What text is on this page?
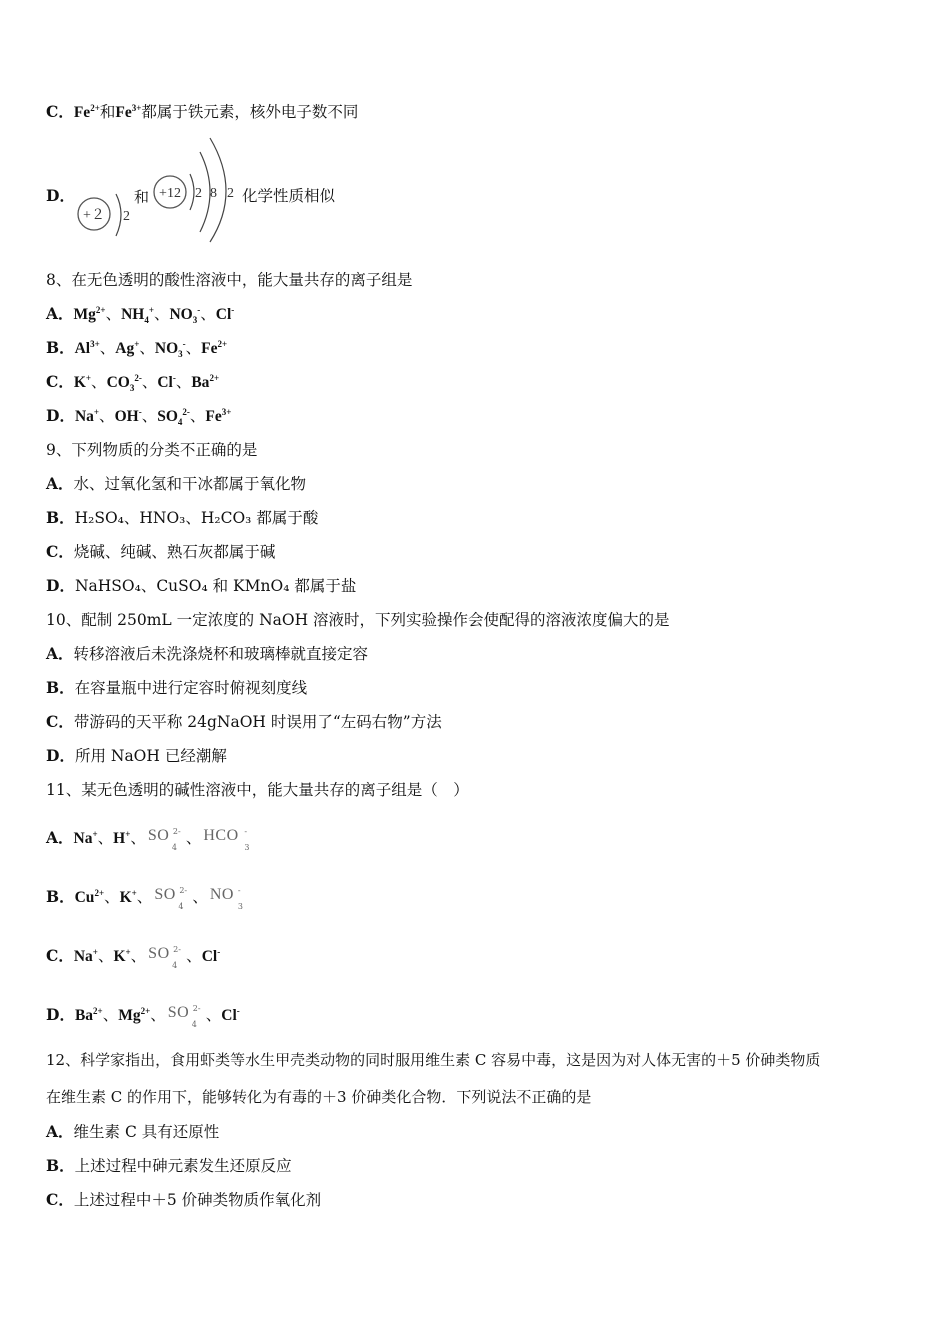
C．$Fe^{2+}$和$Fe^{3+}$都属于铁元素，核外电子数不同
D．
+２ 2
和 +12 2 8 2 化学性质相似
8、在无色透明的酸性溶液中，能大量共存的离子组是
A．$Mg^{2+}$、$NH_4^+$、$NO_3^-$、Cl-
B．$Al^{3+}$、Ag+、$NO_3^-$、$Fe^{2+}$
C．K+、$CO_3^{2-}$、Cl-、$Ba^{2+}$
D．Na+、OH-、$SO_4^{2-}$、$Fe^{3+}$
9、下列物质的分类不正确的是
A．水、过氧化氢和干冰都属于氧化物
B．H₂SO₄、HNO₃、H₂CO₃ 都属于酸
C．烧碱、纯碱、熟石灰都属于碱
D．NaHSO₄、CuSO₄ 和 KMnO₄ 都属于盐
10、配制 250mL 一定浓度的 NaOH 溶液时，下列实验操作会使配得的溶液浓度偏大的是
A．转移溶液后未洗涤烧杯和玻璃棒就直接定容
B．在容量瓶中进行定容时俯视刻度线
C．带游码的天平称 24gNaOH 时误用了“左码右物”方法
D．所用 NaOH 已经潮解
11、某无色透明的碱性溶液中，能大量共存的离子组是（　）
A．Na+、H+、 SO 2-
4
、 HCO -
3
B．$Cu^{2+}$、K+、 SO 2-
4
、 NO -
3
C．Na+、K+、 SO 2-
4
、Cl-
D．$Ba^{2+}$、$Mg^{2+}$、 SO 2-
4
、Cl-
12、科学家指出，食用虾类等水生甲壳类动物的同时服用维生素 C 容易中毒，这是因为对人体无害的＋5 价砷类物质
在维生素 C 的作用下，能够转化为有毒的＋3 价砷类化合物．下列说法不正确的是
A．维生素 C 具有还原性
B．上述过程中砷元素发生还原反应
C．上述过程中＋5 价砷类物质作氧化剂
